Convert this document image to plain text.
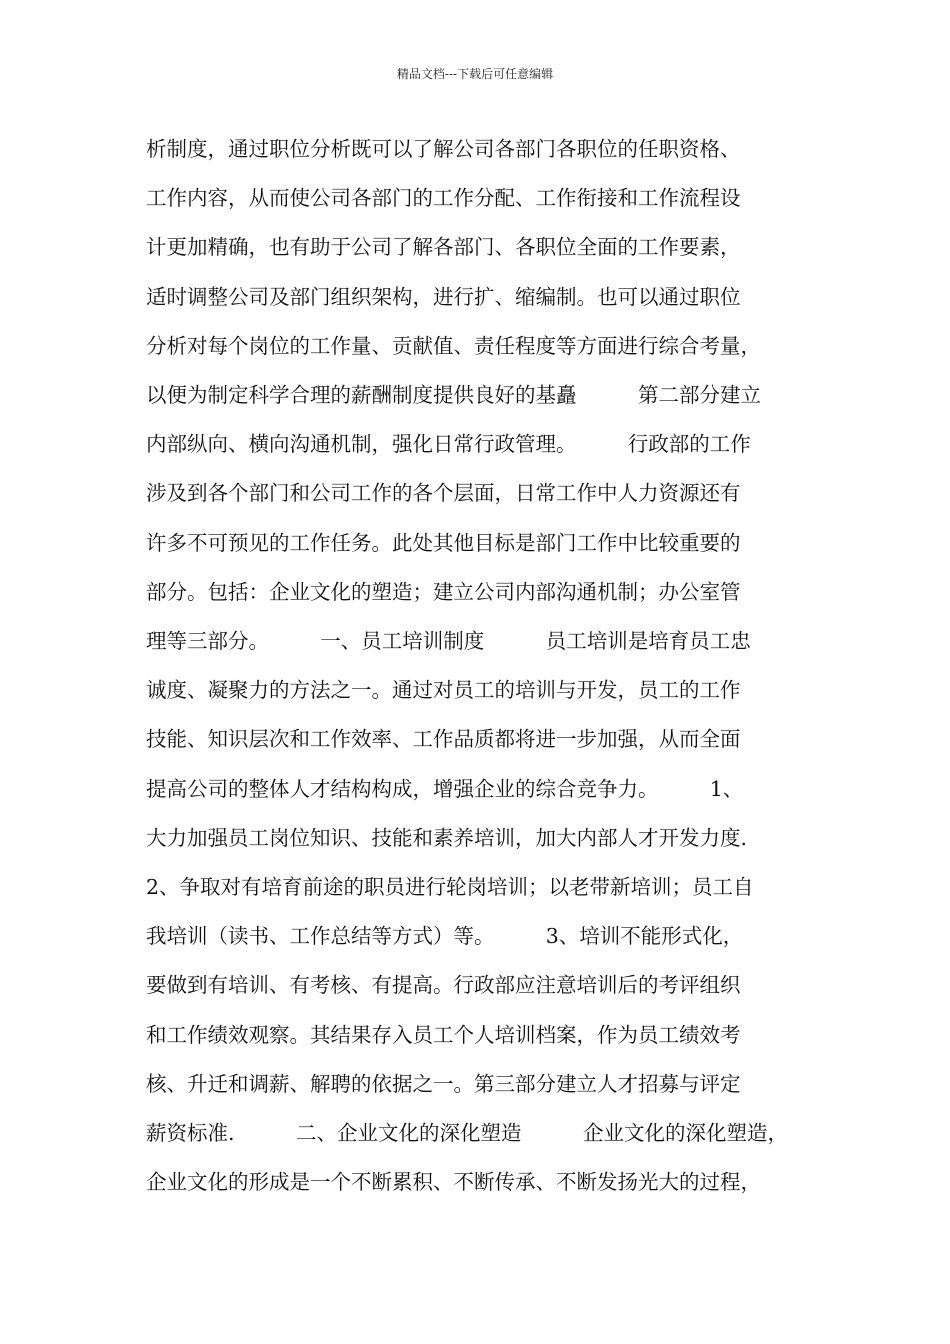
精品文档---下载后可任意编辑
析制度，通过职位分析既可以了解公司各部门各职位的任职资格、
工作内容，从而使公司各部门的工作分配、工作衔接和工作流程设
计更加精确，也有助于公司了解各部门、各职位全面的工作要素，
适时调整公司及部门组织架构，进行扩、缩编制。也可以通过职位
分析对每个岗位的工作量、贡献值、责任程度等方面进行综合考量，
以便为制定科学合理的薪酬制度提供良好的基矗　　　第二部分建立
内部纵向、横向沟通机制，强化日常行政管理。　　　行政部的工作
涉及到各个部门和公司工作的各个层面，日常工作中人力资源还有
许多不可预见的工作任务。此处其他目标是部门工作中比较重要的
部分。包括：企业文化的塑造；建立公司内部沟通机制；办公室管
理等三部分。　　　一、员工培训制度　　　员工培训是培育员工忠
诚度、凝聚力的方法之一。通过对员工的培训与开发，员工的工作
技能、知识层次和工作效率、工作品质都将进一步加强，从而全面
提高公司的整体人才结构构成，增强企业的综合竞争力。　　　1、
大力加强员工岗位知识、技能和素养培训，加大内部人才开发力度.
2、争取对有培育前途的职员进行轮岗培训；以老带新培训；员工自
我培训（读书、工作总结等方式）等。　　　3、培训不能形式化，
要做到有培训、有考核、有提高。行政部应注意培训后的考评组织
和工作绩效观察。其结果存入员工个人培训档案，作为员工绩效考
核、升迁和调薪、解聘的依据之一。第三部分建立人才招募与评定
薪资标准.　　　二、企业文化的深化塑造　　　企业文化的深化塑造，
企业文化的形成是一个不断累积、不断传承、不断发扬光大的过程，
